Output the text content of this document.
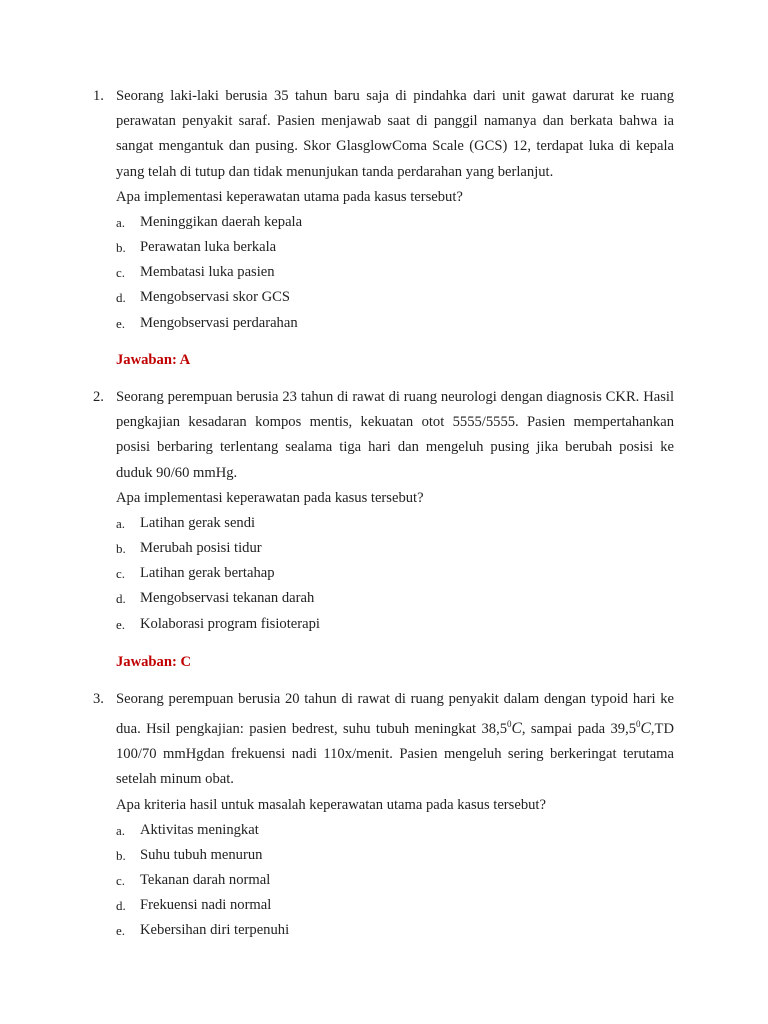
1. Seorang laki-laki berusia 35 tahun baru saja di pindahka dari unit gawat darurat ke ruang perawatan penyakit saraf. Pasien menjawab saat di panggil namanya dan berkata bahwa ia sangat mengantuk dan pusing. Skor GlasglowComa Scale (GCS) 12, terdapat luka di kepala yang telah di tutup dan tidak menunjukan tanda perdarahan yang berlanjut.
Apa implementasi keperawatan utama pada kasus tersebut?
a. Meninggikan daerah kepala
b. Perawatan luka berkala
c. Membatasi luka pasien
d. Mengobservasi skor GCS
e. Mengobservasi perdarahan
Jawaban: A
2. Seorang perempuan berusia 23 tahun di rawat di ruang neurologi dengan diagnosis CKR. Hasil pengkajian kesadaran kompos mentis, kekuatan otot 5555/5555. Pasien mempertahankan posisi berbaring terlentang sealama tiga hari dan mengeluh pusing jika berubah posisi ke duduk 90/60 mmHg.
Apa implementasi keperawatan pada kasus tersebut?
a. Latihan gerak sendi
b. Merubah posisi tidur
c. Latihan gerak bertahap
d. Mengobservasi tekanan darah
e. Kolaborasi program fisioterapi
Jawaban: C
3. Seorang perempuan berusia 20 tahun di rawat di ruang penyakit dalam dengan typoid hari ke dua. Hsil pengkajian: pasien bedrest, suhu tubuh meningkat 38,5$^0$C, sampai pada 39,5$^0$C,TD 100/70 mmHgdan frekuensi nadi 110x/menit. Pasien mengeluh sering berkeringat terutama setelah minum obat.
Apa kriteria hasil untuk masalah keperawatan utama pada kasus tersebut?
a. Aktivitas meningkat
b. Suhu tubuh menurun
c. Tekanan darah normal
d. Frekuensi nadi normal
e. Kebersihan diri terpenuhi
